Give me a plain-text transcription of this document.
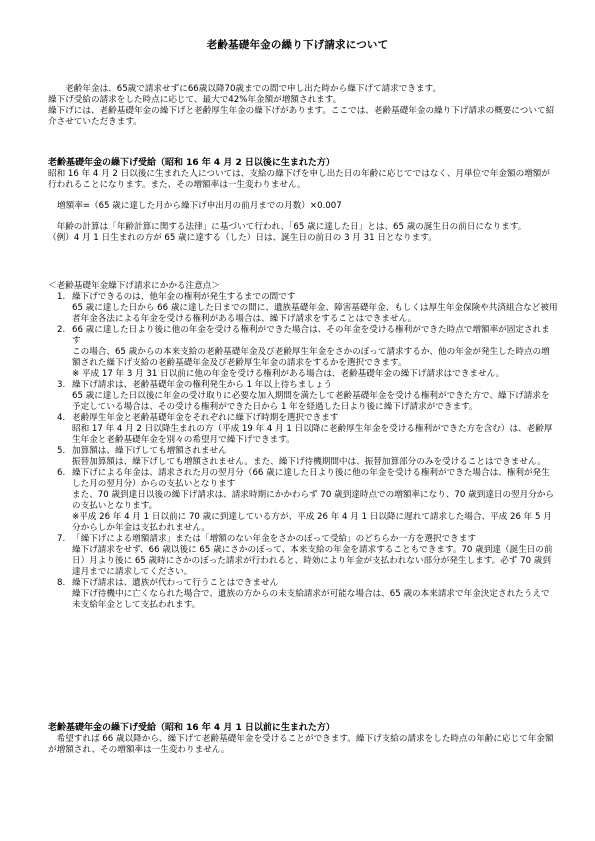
老齢基礎年金の繰り下げ請求について

老齢年金は、65歳で請求せずに66歳以降70歳までの間で申し出た時から繰下げて請求できます。

繰下げ受給の請求をした時点に応じて、最大で42%年金額が増額されます。

繰下げには、老齢基礎年金の繰下げと老齢厚生年金の繰下げがあります。ここでは、老齢基礎年金の繰り下げ請求の概要について紹介させていただきます。

老齢基礎年金の繰下げ受給（昭和 16 年 4 月 2 日以後に生まれた方）

昭和 16 年 4 月 2 日以後に生まれた人については、支給の繰下げを申し出た日の年齢に応じてではなく、月単位で年金額の増額が行われることになります。また、その増額率は一生変わりません。

増額率=（65 歳に達した月から繰下げ申出月の前月までの月数）×0.007

年齢の計算は「年齢計算に関する法律」に基づいて行われ、「65 歳に達した日」とは、65 歳の誕生日の前日になります。

（例）4 月 1 日生まれの方が 65 歳に達する（した）日は、誕生日の前日の 3 月 31 日となります。

＜老齢基礎年金繰下げ請求にかかる注意点＞

1. 繰下げできるのは、他年金の権利が発生するまでの間です
65 歳に達した日から 66 歳に達した日までの間に、遺族基礎年金、障害基礎年金、もしくは厚生年金保険や共済組合など被用者年金各法による年金を受ける権利がある場合は、繰下げ請求をすることはできません。
2. 66 歳に達した日より後に他の年金を受ける権利ができた場合は、その年金を受ける権利ができた時点で増額率が固定されます
この場合、65 歳からの本来支給の老齢基礎年金及び老齢厚生年金をさかのぼって請求するか、他の年金が発生した時点の増額された繰下げ支給の老齢基礎年金及び老齢厚生年金の請求をするかを選択できます。
※ 平成 17 年 3 月 31 日以前に他の年金を受ける権利がある場合は、老齢基礎年金の繰下げ請求はできません。
3. 繰下げ請求は、老齢基礎年金の権利発生から 1 年以上待ちましょう
65 歳に達した日以後に年金の受け取りに必要な加入期間を満たして老齢基礎年金を受ける権利ができた方で、繰下げ請求を予定している場合は、その受ける権利ができた日から 1 年を経過した日より後に繰下げ請求ができます。
4. 老齢厚生年金と老齢基礎年金をそれぞれに繰下げ時期を選択できます
昭和 17 年 4 月 2 日以降生まれの方（平成 19 年 4 月 1 日以降に老齢厚生年金を受ける権利ができた方を含む）は、老齢厚生年金と老齢基礎年金を別々の希望月で繰下げできます。
5. 加算額は、繰下げしても増額されません
振替加算額は、繰下げしても増額されません。また、繰下げ待機期間中は、振替加算部分のみを受けることはできません。
6. 繰下げによる年金は、請求された月の翌月分（66 歳に達した日より後に他の年金を受ける権利ができた場合は、権利が発生した月の翌月分）からの支払いとなります
また、70 歳到達日以後の繰下げ請求は、請求時期にかかわらず 70 歳到達時点での増額率になり、70 歳到達日の翌月分からの支払いとなります。
※平成 26 年 4 月 1 日以前に 70 歳に到達している方が、平成 26 年 4 月 1 日以降に遅れて請求した場合、平成 26 年 5 月分からしか年金は支払われません。
7. 「繰下げによる増額請求」または「増額のない年金をさかのぼって受給」のどちらか一方を選択できます
繰下げ請求をせず、66 歳以後に 65 歳にさかのぼって、本来支給の年金を請求することもできます。70 歳到達（誕生日の前日）月より後に 65 歳時にさかのぼった請求が行われると、時効により年金が支払われない部分が発生します。必ず 70 歳到達月までに請求してください。
8. 繰下げ請求は、遺族が代わって行うことはできません
繰下げ待機中に亡くなられた場合で、遺族の方からの未支給請求が可能な場合は、65 歳の本来請求で年金決定されたうえで未支給年金として支払われます。

老齢基礎年金の繰下げ受給（昭和 16 年 4 月 1 日以前に生まれた方）

希望すれば 66 歳以降から、繰下げて老齢基礎年金を受けることができます。繰下げ支給の請求をした時点の年齢に応じて年金額が増額され、その増額率は一生変わりません。
